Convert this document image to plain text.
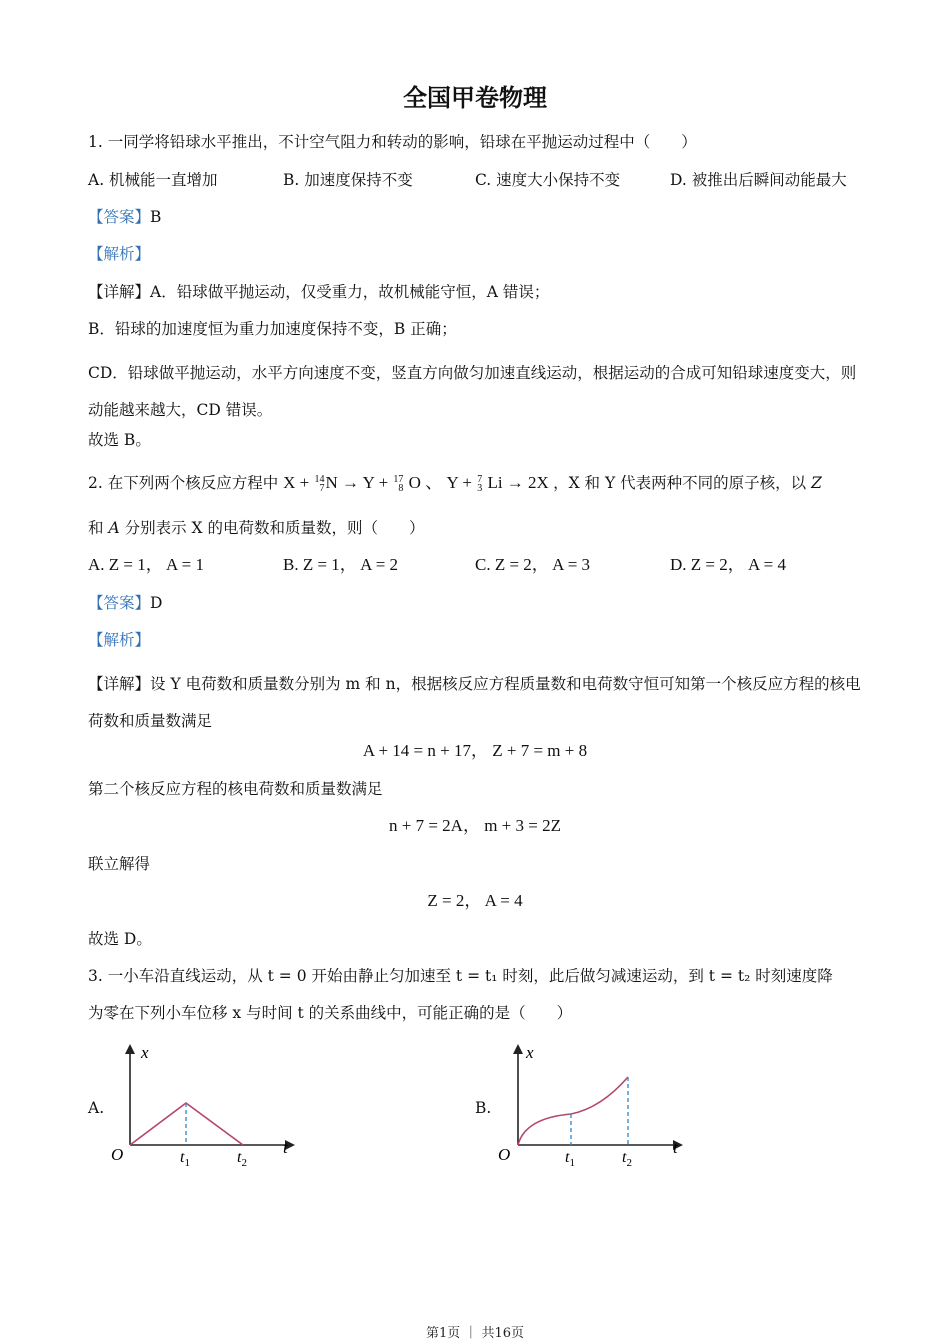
全国甲卷物理
1. 一同学将铅球水平推出，不计空气阻力和转动的影响，铅球在平抛运动过程中（　　）
A. 机械能一直增加	B. 加速度保持不变	C. 速度大小保持不变	D. 被推出后瞬间动能最大
【答案】B
【解析】
【详解】A．铅球做平抛运动，仅受重力，故机械能守恒，A 错误；
B．铅球的加速度恒为重力加速度保持不变，B 正确；
CD．铅球做平抛运动，水平方向速度不变，竖直方向做匀加速直线运动，根据运动的合成可知铅球速度变大，则动能越来越大，CD 错误。
故选 B。
2. 在下列两个核反应方程中 X + 14
7 N → Y + 17
8 O 、 Y + 7
3 Li → 2X ，X 和 Y 代表两种不同的原子核，以 Z
和 A 分别表示 X 的电荷数和质量数，则（　　）
A. Z = 1， A = 1	B. Z = 1， A = 2	C. Z = 2， A = 3	D. Z = 2， A = 4
【答案】D
【解析】
【详解】设 Y 电荷数和质量数分别为 m 和 n，根据核反应方程质量数和电荷数守恒可知第一个核反应方程的核电荷数和质量数满足
A + 14 = n + 17， Z + 7 = m + 8
第二个核反应方程的核电荷数和质量数满足
n + 7 = 2A， m + 3 = 2Z
联立解得
Z = 2， A = 4
故选 D。
3. 一小车沿直线运动，从 t = 0 开始由静止匀加速至 t = t₁ 时刻，此后做匀减速运动，到 t = t₂ 时刻速度降
为零在下列小车位移 x 与时间 t 的关系曲线中，可能正确的是（　　）
A.	B.
x
t
O	$t_1$	$t_2$
x
t
O	$t_1$	$t_2$
第1页 ｜ 共16页
